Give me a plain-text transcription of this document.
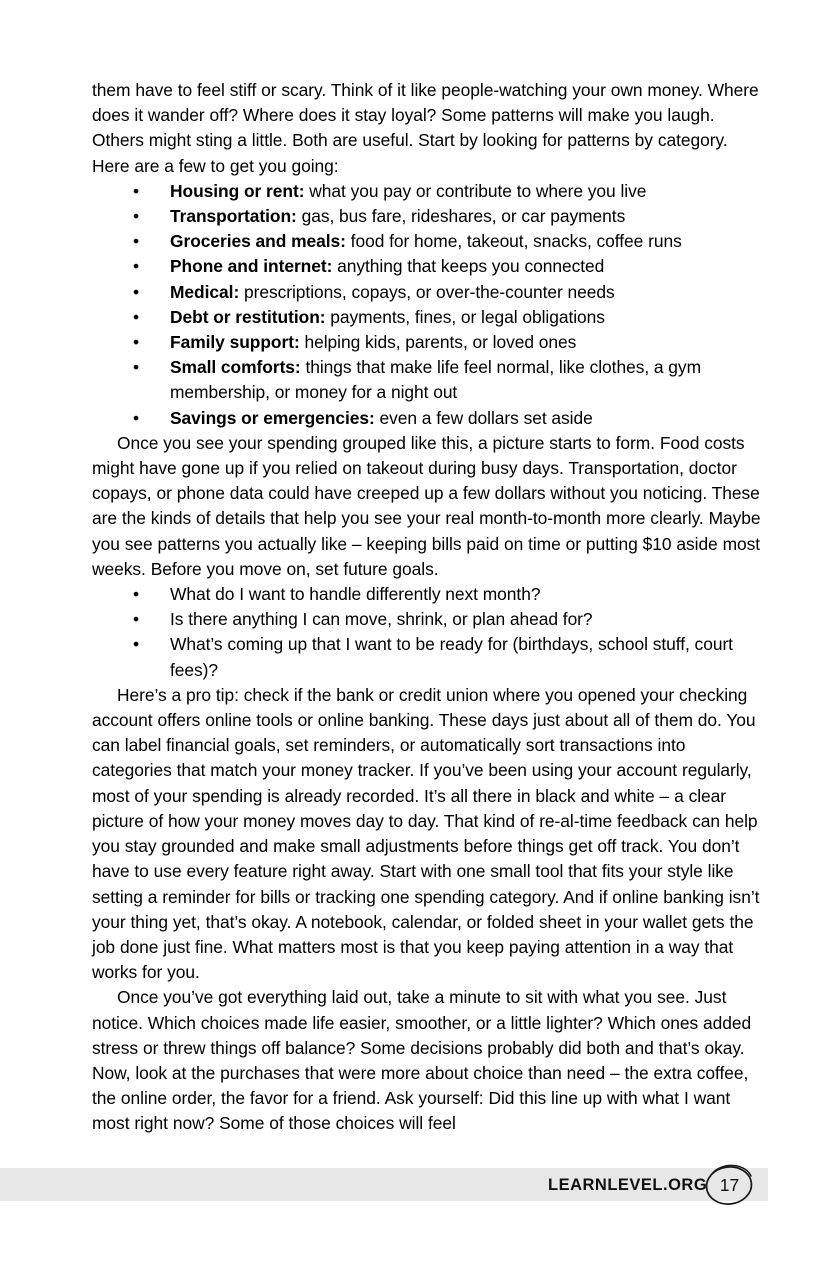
them have to feel stiff or scary. Think of it like people-watching your own money. Where does it wander off? Where does it stay loyal? Some patterns will make you laugh. Others might sting a little. Both are useful. Start by looking for patterns by category. Here are a few to get you going:

• Housing or rent: what you pay or contribute to where you live
• Transportation: gas, bus fare, rideshares, or car payments
• Groceries and meals: food for home, takeout, snacks, coffee runs
• Phone and internet: anything that keeps you connected
• Medical: prescriptions, copays, or over-the-counter needs
• Debt or restitution: payments, fines, or legal obligations
• Family support: helping kids, parents, or loved ones
• Small comforts: things that make life feel normal, like clothes, a gym membership, or money for a night out
• Savings or emergencies: even a few dollars set aside

Once you see your spending grouped like this, a picture starts to form. Food costs might have gone up if you relied on takeout during busy days. Transportation, doctor copays, or phone data could have creeped up a few dollars without you noticing. These are the kinds of details that help you see your real month-to-month more clearly. Maybe you see patterns you actually like – keeping bills paid on time or putting $10 aside most weeks. Before you move on, set future goals.

• What do I want to handle differently next month?
• Is there anything I can move, shrink, or plan ahead for?
• What’s coming up that I want to be ready for (birthdays, school stuff, court fees)?

Here’s a pro tip: check if the bank or credit union where you opened your checking account offers online tools or online banking. These days just about all of them do. You can label financial goals, set reminders, or automatically sort transactions into categories that match your money tracker. If you’ve been using your account regularly, most of your spending is already recorded. It’s all there in black and white – a clear picture of how your money moves day to day. That kind of re-al-time feedback can help you stay grounded and make small adjustments before things get off track. You don’t have to use every feature right away. Start with one small tool that fits your style like setting a reminder for bills or tracking one spending category. And if online banking isn’t your thing yet, that’s okay. A notebook, calendar, or folded sheet in your wallet gets the job done just fine. What matters most is that you keep paying attention in a way that works for you.

Once you’ve got everything laid out, take a minute to sit with what you see. Just notice. Which choices made life easier, smoother, or a little lighter? Which ones added stress or threw things off balance? Some decisions probably did both and that’s okay. Now, look at the purchases that were more about choice than need – the extra coffee, the online order, the favor for a friend. Ask yourself: Did this line up with what I want most right now? Some of those choices will feel

LEARNLEVEL.ORG 17
